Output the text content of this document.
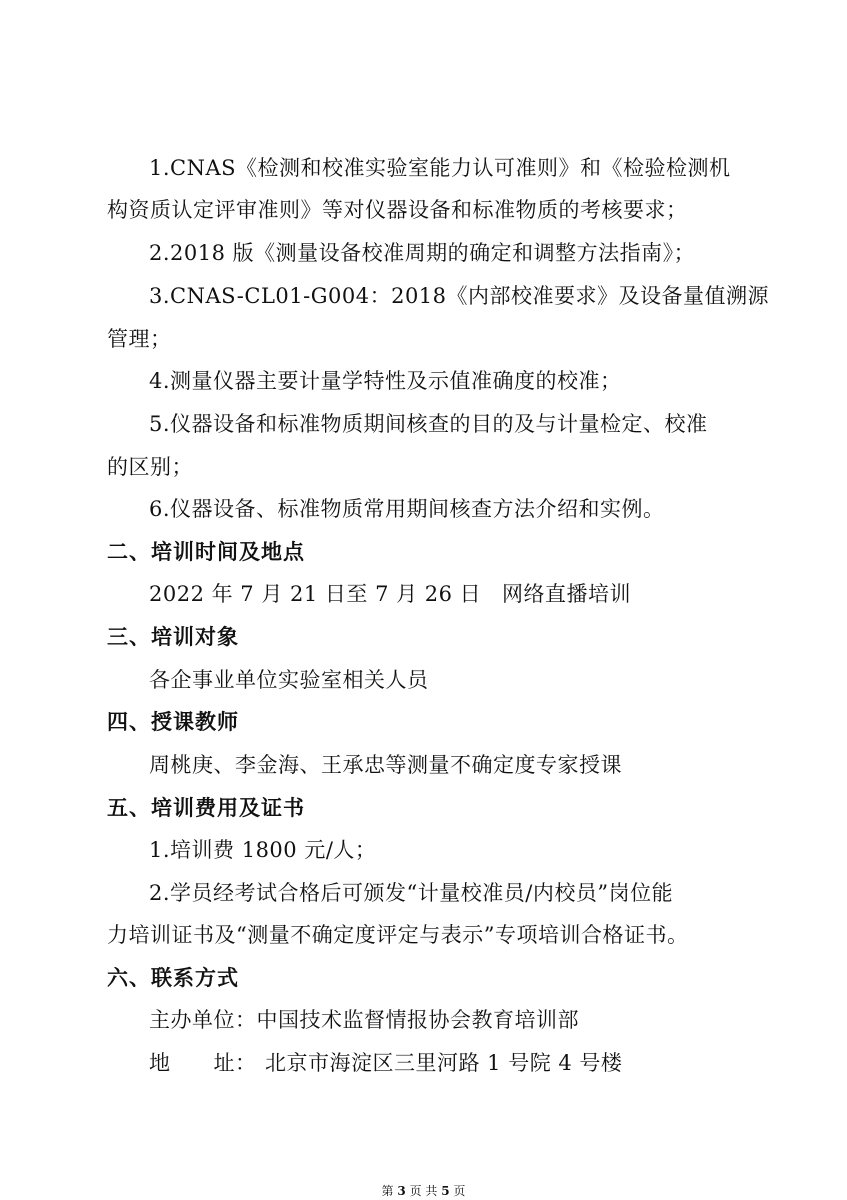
1.CNAS《检测和校准实验室能力认可准则》和《检验检测机
构资质认定评审准则》等对仪器设备和标准物质的考核要求；
2.2018 版《测量设备校准周期的确定和调整方法指南》；
3.CNAS-CL01-G004：2018《内部校准要求》及设备量值溯源
管理；
4.测量仪器主要计量学特性及示值准确度的校准；
5.仪器设备和标准物质期间核查的目的及与计量检定、校准
的区别；
6.仪器设备、标准物质常用期间核查方法介绍和实例。
二、培训时间及地点
2022 年 7 月 21 日至 7 月 26 日 网络直播培训
三、培训对象
各企事业单位实验室相关人员
四、授课教师
周桃庚、李金海、王承忠等测量不确定度专家授课
五、培训费用及证书
1.培训费 1800 元/人；
2.学员经考试合格后可颁发“计量校准员/内校员”岗位能
力培训证书及“测量不确定度评定与表示”专项培训合格证书。
六、联系方式
主办单位：中国技术监督情报协会教育培训部
地　　址： 北京市海淀区三里河路 1 号院 4 号楼
第 3 页 共 5 页
